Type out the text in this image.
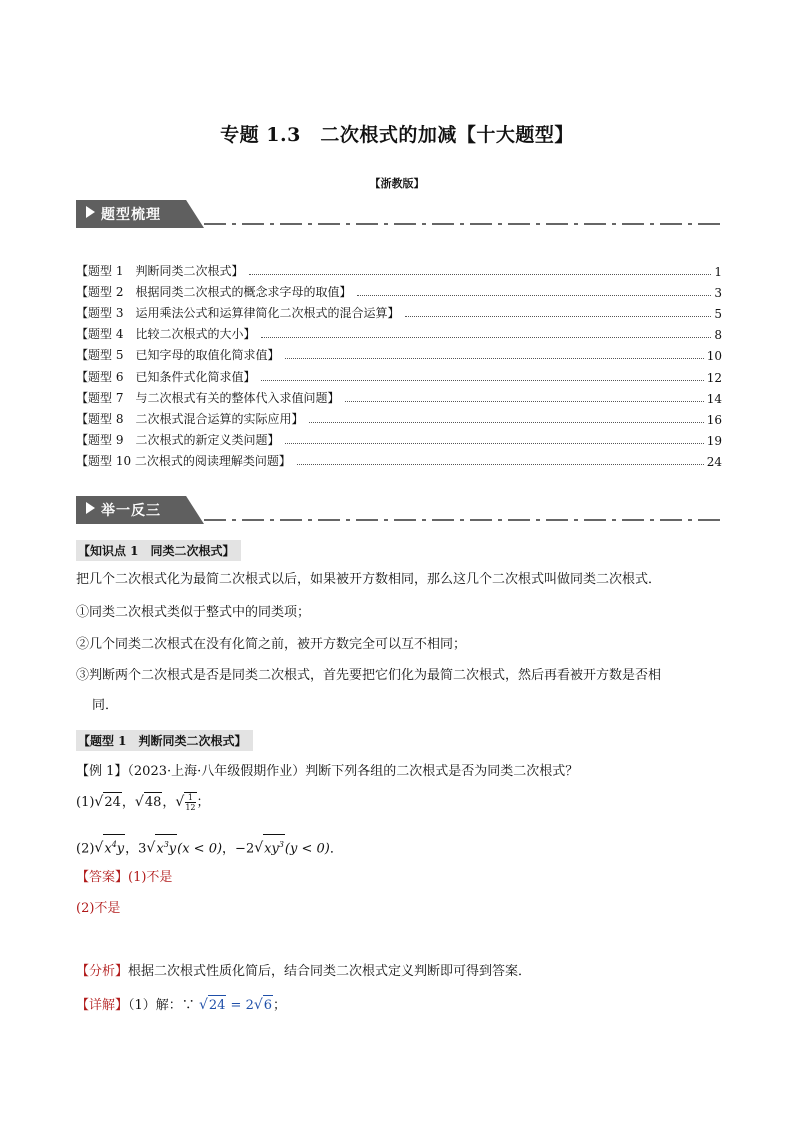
专题 1.3　二次根式的加减【十大题型】
【浙教版】
题型梳理
【题型 1　判断同类二次根式】	1
【题型 2　根据同类二次根式的概念求字母的取值】	3
【题型 3　运用乘法公式和运算律简化二次根式的混合运算】	5
【题型 4　比较二次根式的大小】	8
【题型 5　已知字母的取值化简求值】	10
【题型 6　已知条件式化简求值】	12
【题型 7　与二次根式有关的整体代入求值问题】	14
【题型 8　二次根式混合运算的实际应用】	16
【题型 9　二次根式的新定义类问题】	19
【题型 10 二次根式的阅读理解类问题】	24
举一反三
【知识点 1　同类二次根式】
把几个二次根式化为最简二次根式以后，如果被开方数相同，那么这几个二次根式叫做同类二次根式．
①同类二次根式类似于整式中的同类项；
②几个同类二次根式在没有化简之前，被开方数完全可以互不相同；
③判断两个二次根式是否是同类二次根式，首先要把它们化为最简二次根式，然后再看被开方数是否相
同．
【题型 1　判断同类二次根式】
【例 1】（2023·上海·八年级假期作业）判断下列各组的二次根式是否为同类二次根式？
(1)√24，√48，√ $\frac{1}{12}$ ；
$(2)√x^4y$，$3√x^3y(x < 0)$，$-2√xy^3(y < 0)$．
【答案】(1)不是
(2)不是
【分析】根据二次根式性质化简后，结合同类二次根式定义判断即可得到答案．
【详解】（1）解：∵ √24 = 2√6；
